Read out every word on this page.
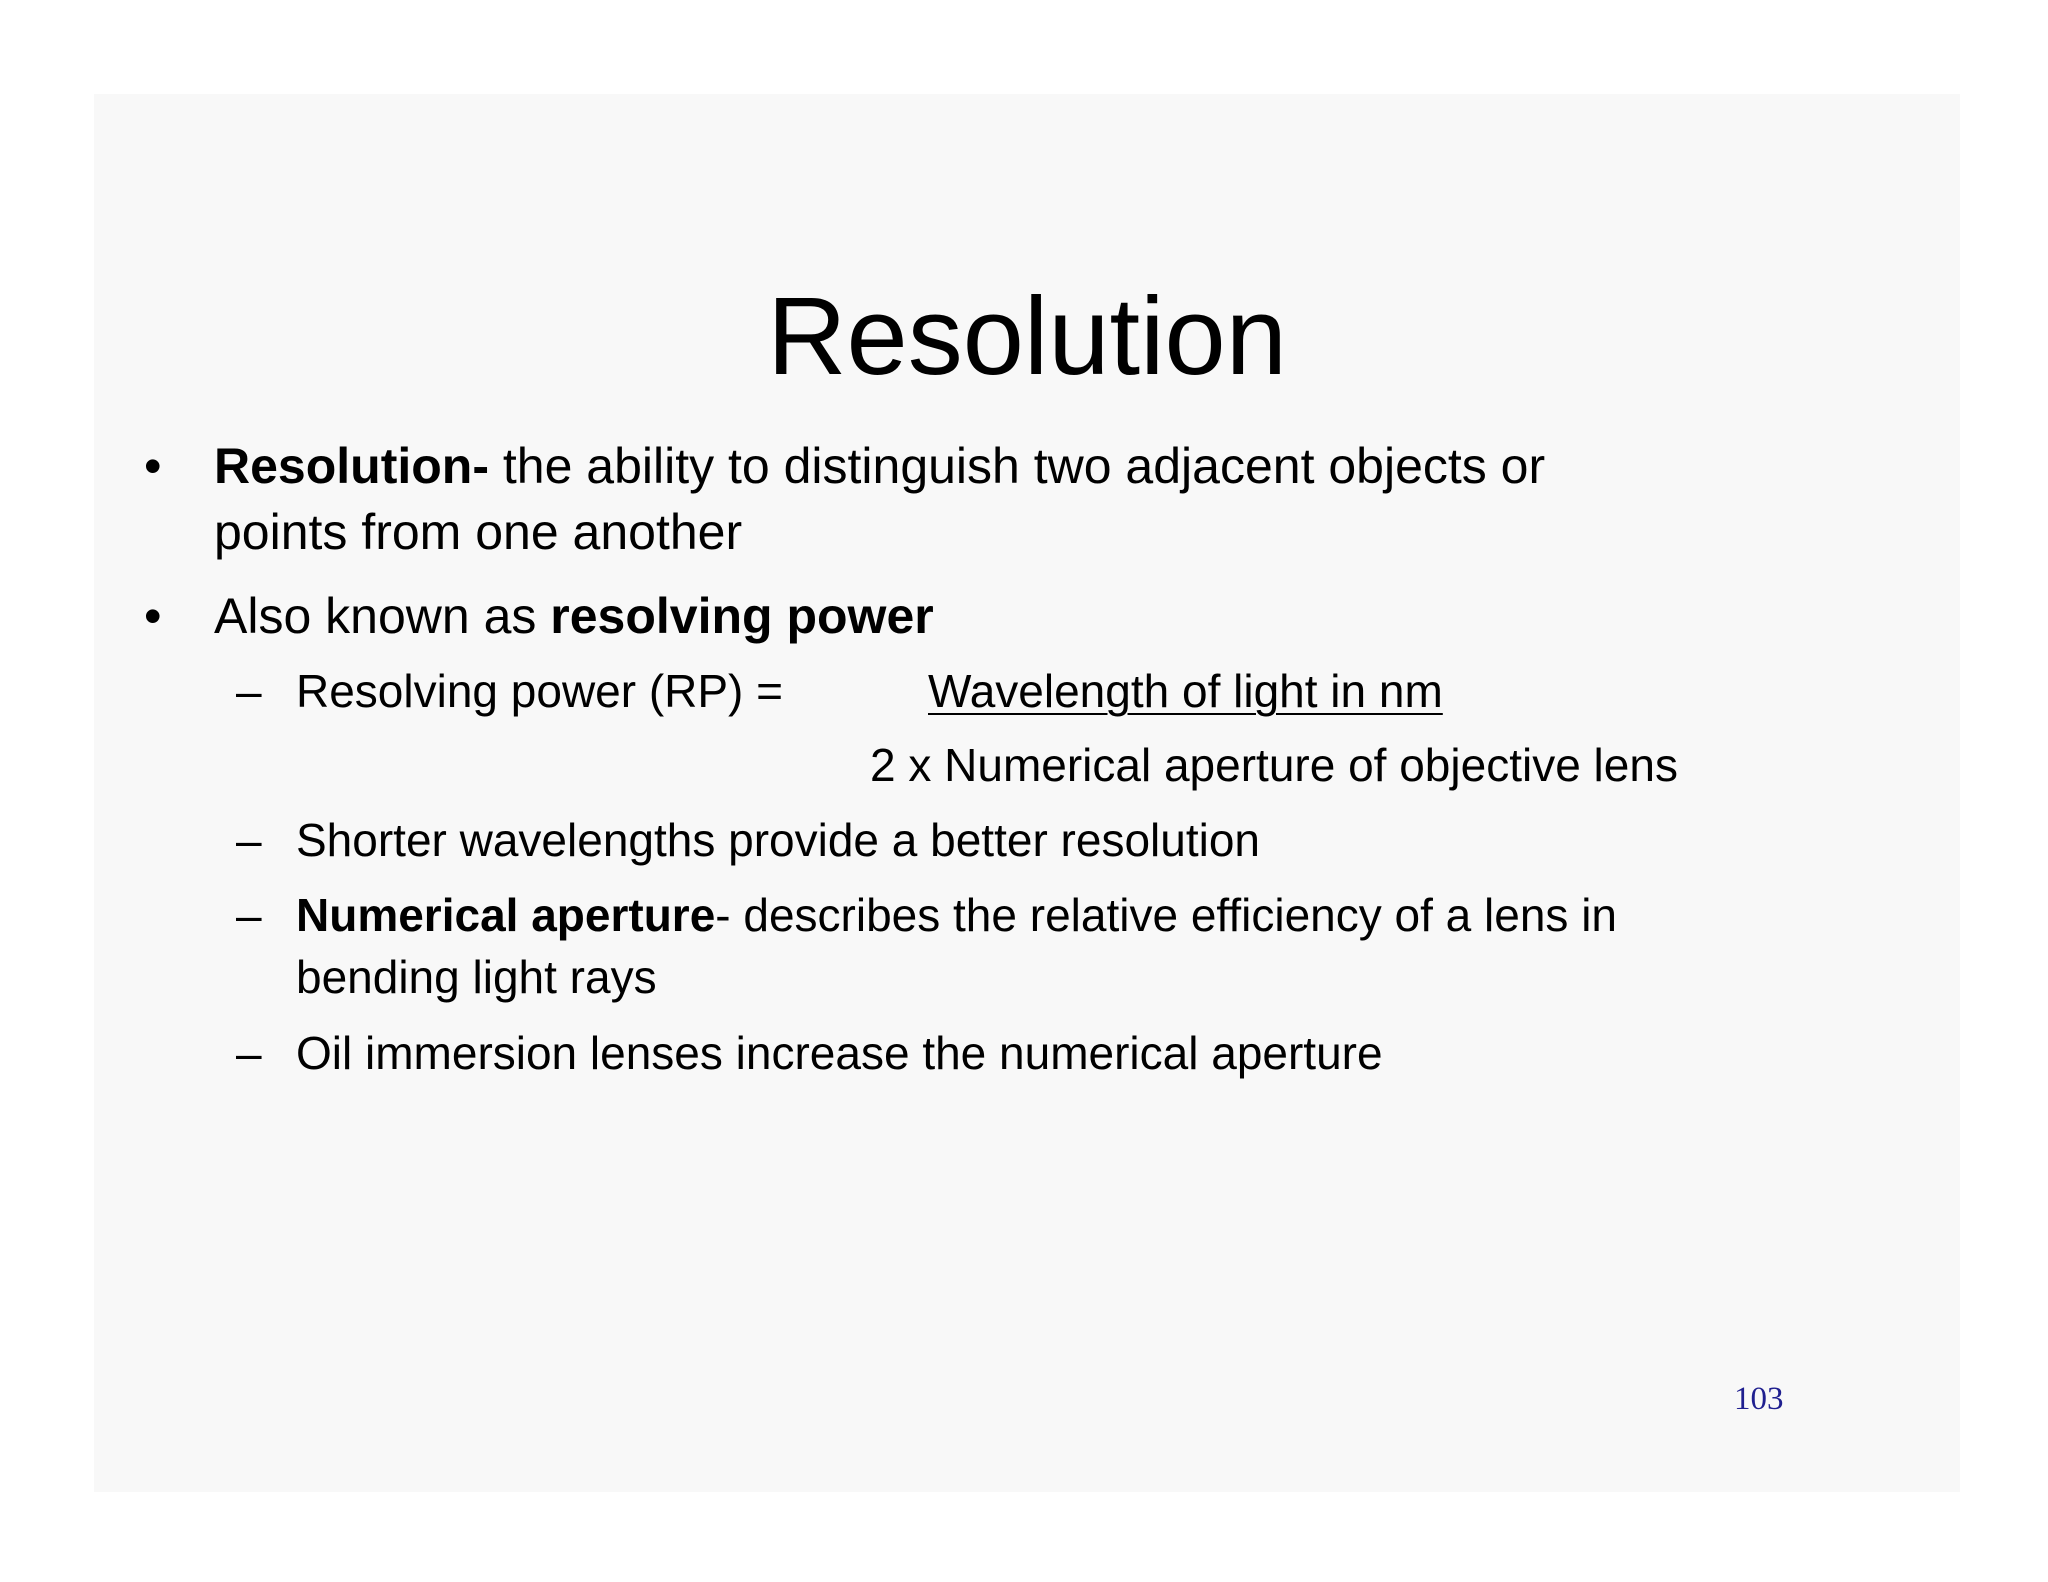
Resolution
• Resolution- the ability to distinguish two adjacent objects or
points from one another
• Also known as resolving power
– Resolving power (RP) =	Wavelength of light in nm
2 x Numerical aperture of objective lens
– Shorter wavelengths provide a better resolution
– Numerical aperture- describes the relative efficiency of a lens in
bending light rays
– Oil immersion lenses increase the numerical aperture
103
